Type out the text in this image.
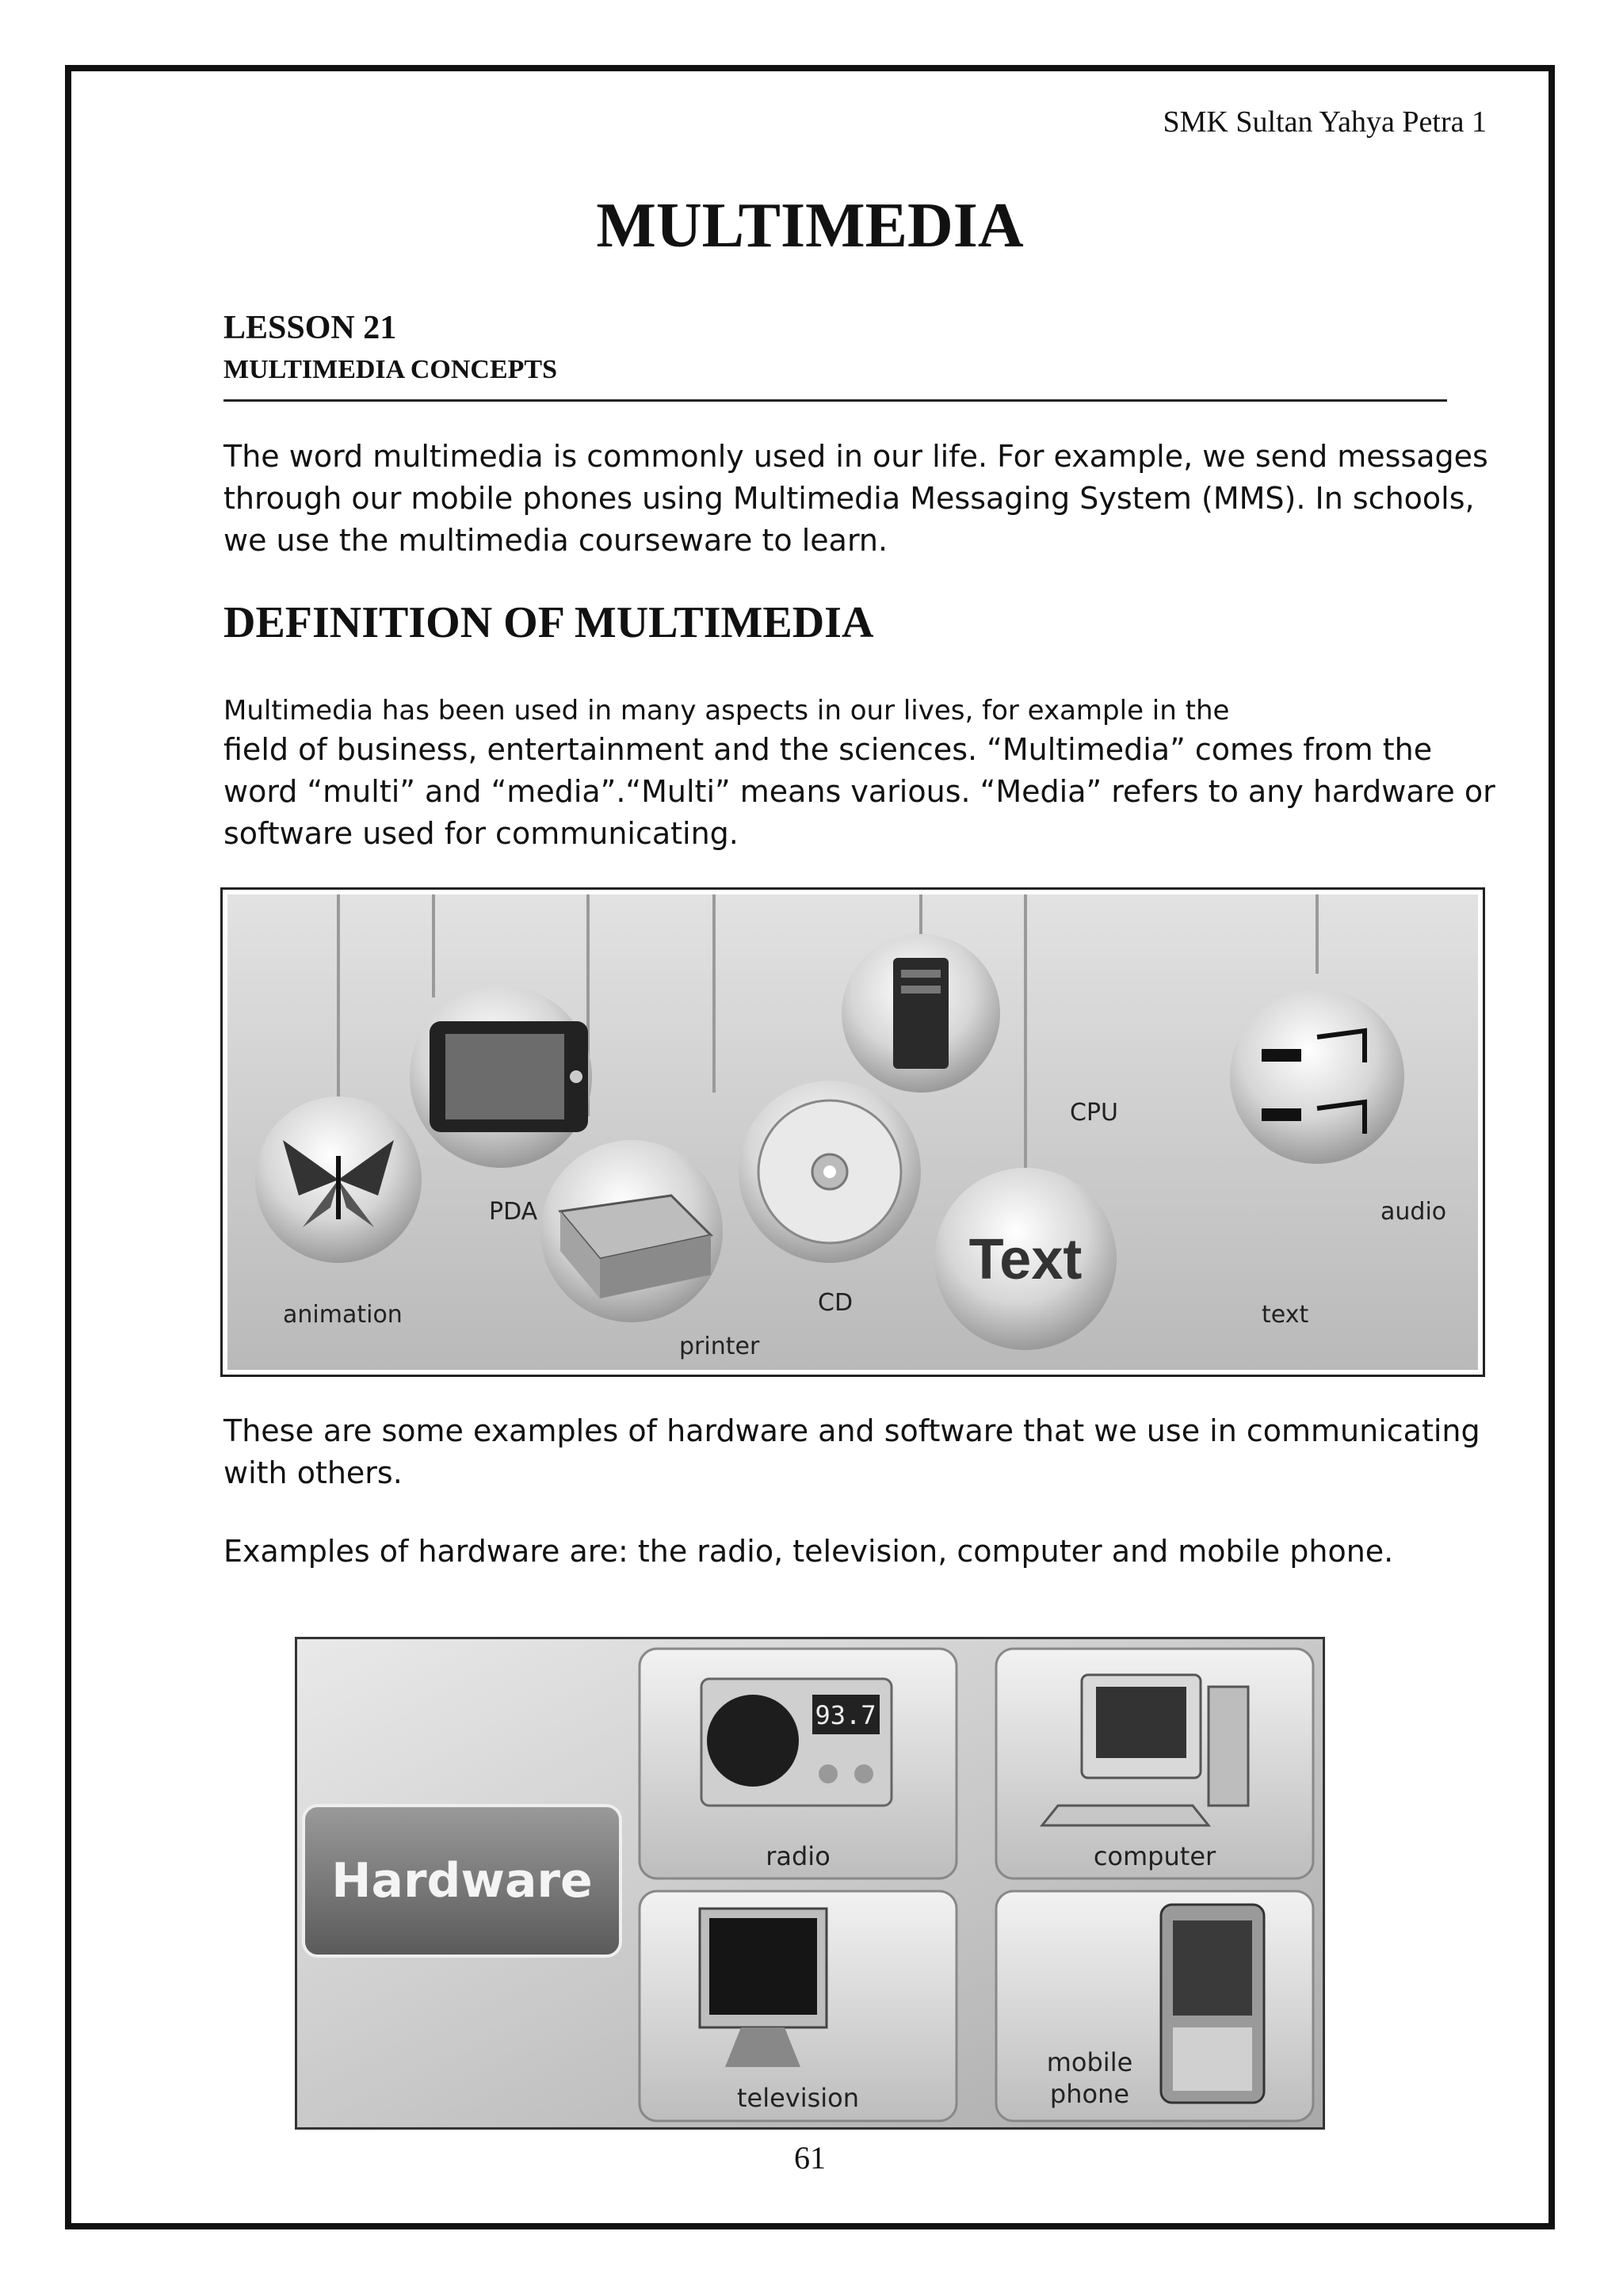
SMK Sultan Yahya Petra 1
MULTIMEDIA
LESSON 21
MULTIMEDIA CONCEPTS
The word multimedia is commonly used in our life. For example, we send messages through our mobile phones using Multimedia Messaging System (MMS). In schools, we use the multimedia courseware to learn.
DEFINITION OF MULTIMEDIA
Multimedia has been used in many aspects in our lives, for example in the
field of business, entertainment and the sciences. “Multimedia” comes from the word “multi” and “media”.“Multi” means various. “Media” refers to any hardware or software used for communicating.
Text
animation
PDA
printer
CD
CPU
audio
text
These are some examples of hardware and software that we use in communicating with others.
Examples of hardware are: the radio, television, computer and mobile phone.
Hardware
93.7
radio	computer
television
mobile
phone
61
